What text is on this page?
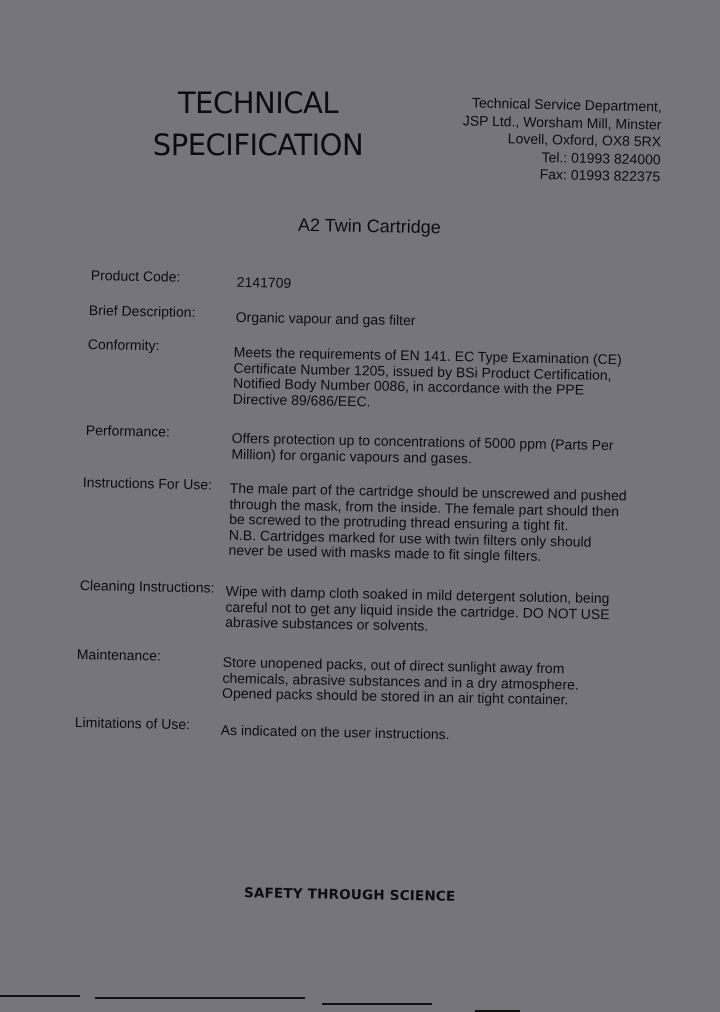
TECHNICAL
SPECIFICATION
Technical Service Department,
JSP Ltd., Worsham Mill, Minster
Lovell, Oxford, OX8 5RX
Tel.: 01993 824000
Fax: 01993 822375
A2 Twin Cartridge
Product Code:	2141709
Brief Description:	Organic vapour and gas filter
Conformity:	Meets the requirements of EN 141. EC Type Examination (CE)
Certificate Number 1205, issued by BSi Product Certification,
Notified Body Number 0086, in accordance with the PPE
Directive 89/686/EEC.
Performance:	Offers protection up to concentrations of 5000 ppm (Parts Per
Million) for organic vapours and gases.
Instructions For Use: The male part of the cartridge should be unscrewed and pushed
through the mask, from the inside. The female part should then
be screwed to the protruding thread ensuring a tight fit.
N.B. Cartridges marked for use with twin filters only should
never be used with masks made to fit single filters.
Cleaning Instructions: Wipe with damp cloth soaked in mild detergent solution, being
careful not to get any liquid inside the cartridge. DO NOT USE
abrasive substances or solvents.
Maintenance:	Store unopened packs, out of direct sunlight away from
chemicals, abrasive substances and in a dry atmosphere.
Opened packs should be stored in an air tight container.
Limitations of Use: As indicated on the user instructions.
SAFETY THROUGH SCIENCE
